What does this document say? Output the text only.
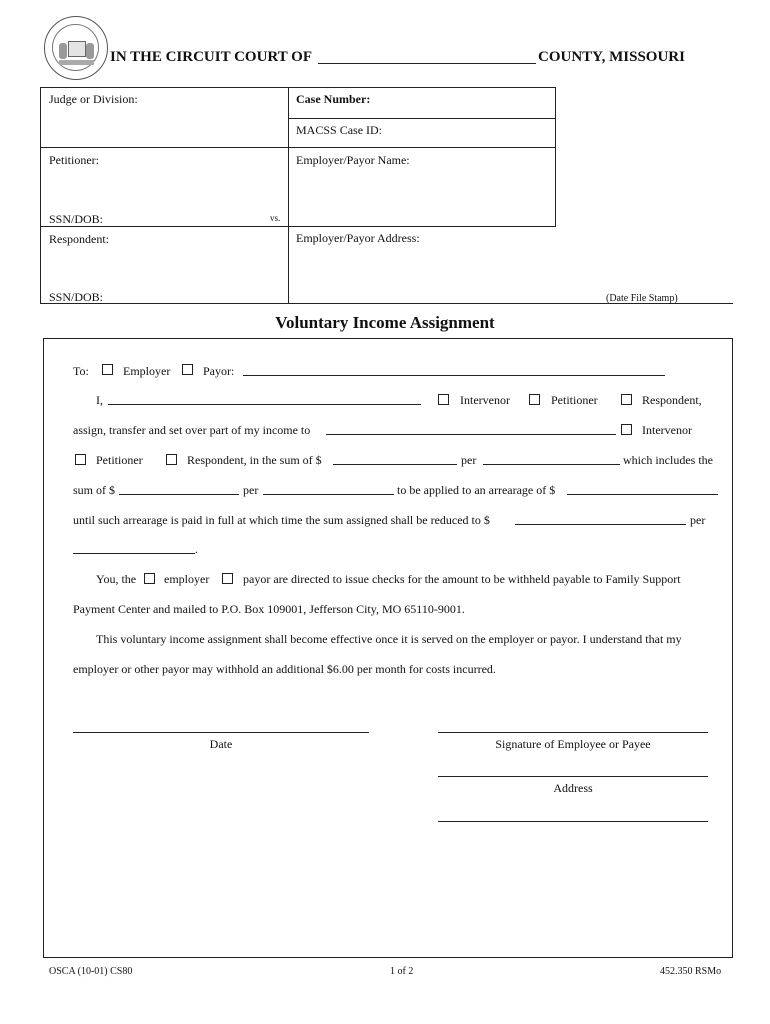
IN THE CIRCUIT COURT OF	COUNTY, MISSOURI
Judge or Division:	Case Number:
MACSS Case ID:
Petitioner:	Employer/Payor Name:
SSN/DOB:	vs.
Respondent:	Employer/Payor Address:
SSN/DOB:	(Date File Stamp)
Voluntary Income Assignment
To:	Employer	Payor:
I,	Intervenor	Petitioner	Respondent,
assign, transfer and set over part of my income to	Intervenor
Petitioner	Respondent, in the sum of $	per	which includes the
sum of $	per	to be applied to an arrearage of $
until such arrearage is paid in full at which time the sum assigned shall be reduced to $	per
.
You, the employer	payor are directed to issue checks for the amount to be withheld payable to Family Support
Payment Center and mailed to P.O. Box 109001, Jefferson City, MO 65110-9001.
This voluntary income assignment shall become effective once it is served on the employer or payor. I understand that my
employer or other payor may withhold an additional $6.00 per month for costs incurred.
Date	Signature of Employee or Payee
Address
OSCA (10-01) CS80	1 of 2	452.350 RSMo
